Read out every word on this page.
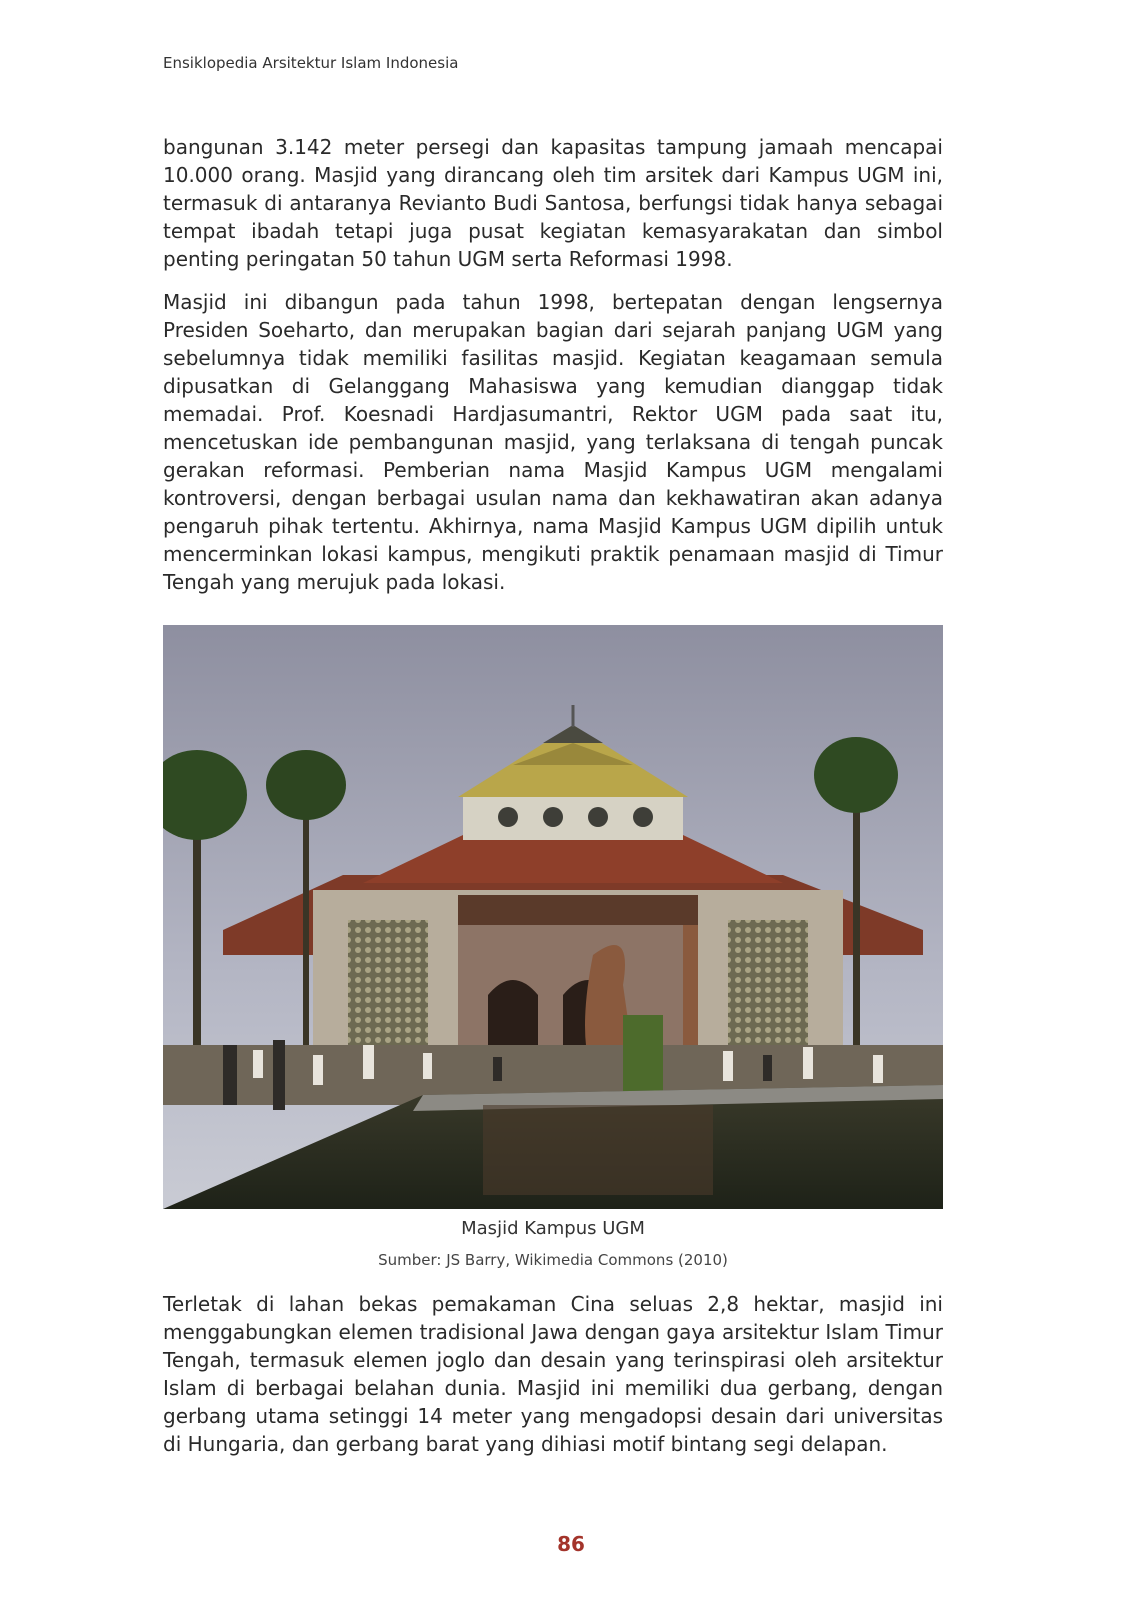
Ensiklopedia Arsitektur Islam Indonesia

bangunan 3.142 meter persegi dan kapasitas tampung jamaah mencapai 10.000 orang. Masjid yang dirancang oleh tim arsitek dari Kampus UGM ini, termasuk di antaranya Revianto Budi Santosa, berfungsi tidak hanya sebagai tempat ibadah tetapi juga pusat kegiatan kemasyarakatan dan simbol penting peringatan 50 tahun UGM serta Reformasi 1998.

Masjid ini dibangun pada tahun 1998, bertepatan dengan lengsernya Presiden Soeharto, dan merupakan bagian dari sejarah panjang UGM yang sebelumnya tidak memiliki fasilitas masjid. Kegiatan keagamaan semula dipusatkan di Gelanggang Mahasiswa yang kemudian dianggap tidak memadai. Prof. Koesnadi Hardjasumantri, Rektor UGM pada saat itu, mencetuskan ide pembangunan masjid, yang terlaksana di tengah puncak gerakan reformasi. Pemberian nama Masjid Kampus UGM mengalami kontroversi, dengan berbagai usulan nama dan kekhawatiran akan adanya pengaruh pihak tertentu. Akhirnya, nama Masjid Kampus UGM dipilih untuk mencerminkan lokasi kampus, mengikuti praktik penamaan masjid di Timur Tengah yang merujuk pada lokasi.

Masjid Kampus UGM
Sumber: JS Barry, Wikimedia Commons (2010)

Terletak di lahan bekas pemakaman Cina seluas 2,8 hektar, masjid ini menggabungkan elemen tradisional Jawa dengan gaya arsitektur Islam Timur Tengah, termasuk elemen joglo dan desain yang terinspirasi oleh arsitektur Islam di berbagai belahan dunia. Masjid ini memiliki dua gerbang, dengan gerbang utama setinggi 14 meter yang mengadopsi desain dari universitas di Hungaria, dan gerbang barat yang dihiasi motif bintang segi delapan.

86
